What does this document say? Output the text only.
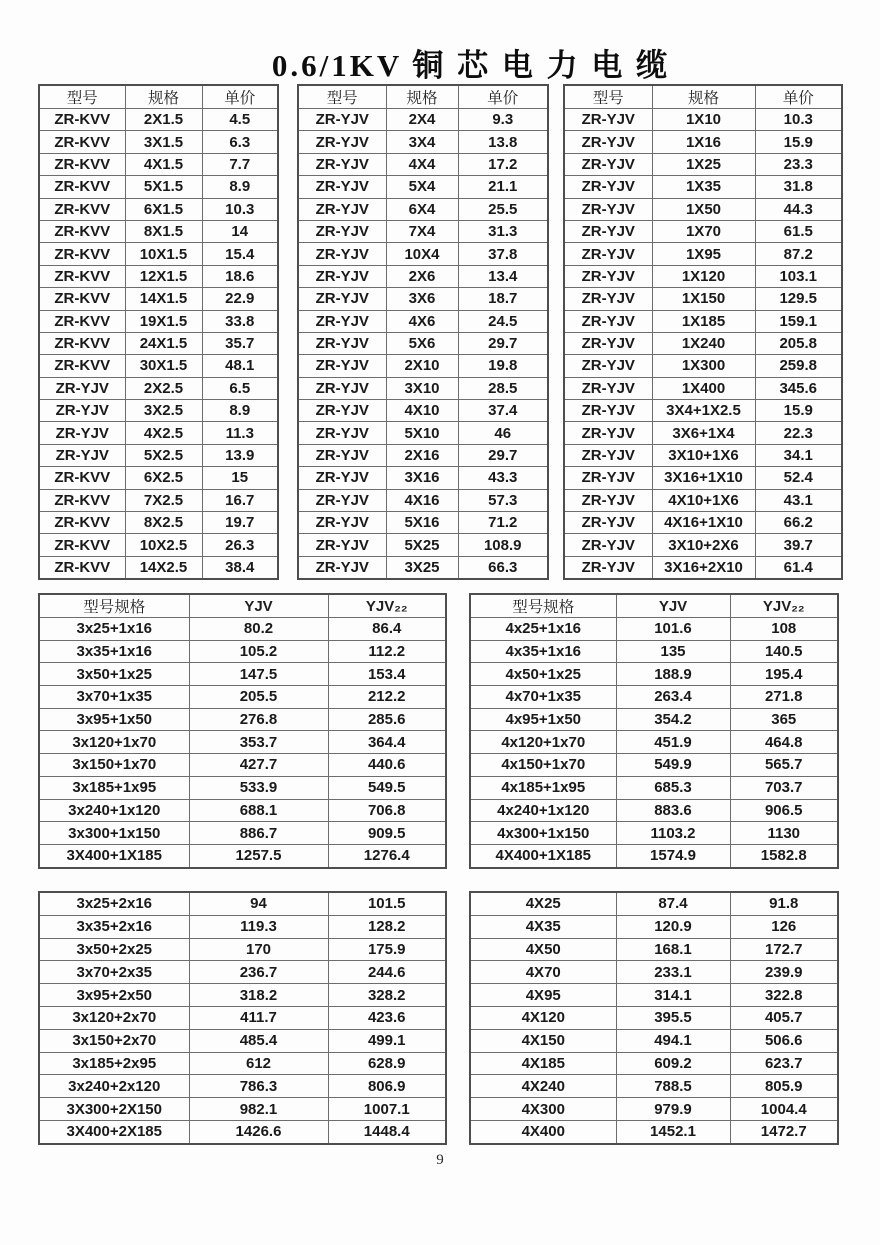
0.6/1KV 铜 芯 电 力 电 缆
型号	规格	单价
ZR-KVV	2X1.5	4.5
ZR-KVV	3X1.5	6.3
ZR-KVV	4X1.5	7.7
ZR-KVV	5X1.5	8.9
ZR-KVV	6X1.5	10.3
ZR-KVV	8X1.5	14
ZR-KVV	10X1.5	15.4
ZR-KVV	12X1.5	18.6
ZR-KVV	14X1.5	22.9
ZR-KVV	19X1.5	33.8
ZR-KVV	24X1.5	35.7
ZR-KVV	30X1.5	48.1
ZR-YJV	2X2.5	6.5
ZR-YJV	3X2.5	8.9
ZR-YJV	4X2.5	11.3
ZR-YJV	5X2.5	13.9
ZR-KVV	6X2.5	15
ZR-KVV	7X2.5	16.7
ZR-KVV	8X2.5	19.7
ZR-KVV	10X2.5	26.3
ZR-KVV	14X2.5	38.4
型号	规格	单价
ZR-YJV	2X4	9.3
ZR-YJV	3X4	13.8
ZR-YJV	4X4	17.2
ZR-YJV	5X4	21.1
ZR-YJV	6X4	25.5
ZR-YJV	7X4	31.3
ZR-YJV	10X4	37.8
ZR-YJV	2X6	13.4
ZR-YJV	3X6	18.7
ZR-YJV	4X6	24.5
ZR-YJV	5X6	29.7
ZR-YJV	2X10	19.8
ZR-YJV	3X10	28.5
ZR-YJV	4X10	37.4
ZR-YJV	5X10	46
ZR-YJV	2X16	29.7
ZR-YJV	3X16	43.3
ZR-YJV	4X16	57.3
ZR-YJV	5X16	71.2
ZR-YJV	5X25	108.9
ZR-YJV	3X25	66.3
型号	规格	单价
ZR-YJV	1X10	10.3
ZR-YJV	1X16	15.9
ZR-YJV	1X25	23.3
ZR-YJV	1X35	31.8
ZR-YJV	1X50	44.3
ZR-YJV	1X70	61.5
ZR-YJV	1X95	87.2
ZR-YJV	1X120	103.1
ZR-YJV	1X150	129.5
ZR-YJV	1X185	159.1
ZR-YJV	1X240	205.8
ZR-YJV	1X300	259.8
ZR-YJV	1X400	345.6
ZR-YJV	3X4+1X2.5	15.9
ZR-YJV	3X6+1X4	22.3
ZR-YJV	3X10+1X6	34.1
ZR-YJV	3X16+1X10	52.4
ZR-YJV	4X10+1X6	43.1
ZR-YJV	4X16+1X10	66.2
ZR-YJV	3X10+2X6	39.7
ZR-YJV	3X16+2X10	61.4
型号规格	YJV	YJV₂₂
3x25+1x16	80.2	86.4
3x35+1x16	105.2	112.2
3x50+1x25	147.5	153.4
3x70+1x35	205.5	212.2
3x95+1x50	276.8	285.6
3x120+1x70	353.7	364.4
3x150+1x70	427.7	440.6
3x185+1x95	533.9	549.5
3x240+1x120	688.1	706.8
3x300+1x150	886.7	909.5
3X400+1X185	1257.5	1276.4
型号规格	YJV	YJV₂₂
4x25+1x16	101.6	108
4x35+1x16	135	140.5
4x50+1x25	188.9	195.4
4x70+1x35	263.4	271.8
4x95+1x50	354.2	365
4x120+1x70	451.9	464.8
4x150+1x70	549.9	565.7
4x185+1x95	685.3	703.7
4x240+1x120	883.6	906.5
4x300+1x150	1103.2	1130
4X400+1X185	1574.9	1582.8
3x25+2x16	94	101.5
3x35+2x16	119.3	128.2
3x50+2x25	170	175.9
3x70+2x35	236.7	244.6
3x95+2x50	318.2	328.2
3x120+2x70	411.7	423.6
3x150+2x70	485.4	499.1
3x185+2x95	612	628.9
3x240+2x120	786.3	806.9
3X300+2X150	982.1	1007.1
3X400+2X185	1426.6	1448.4
4X25	87.4	91.8
4X35	120.9	126
4X50	168.1	172.7
4X70	233.1	239.9
4X95	314.1	322.8
4X120	395.5	405.7
4X150	494.1	506.6
4X185	609.2	623.7
4X240	788.5	805.9
4X300	979.9	1004.4
4X400	1452.1	1472.7
9
